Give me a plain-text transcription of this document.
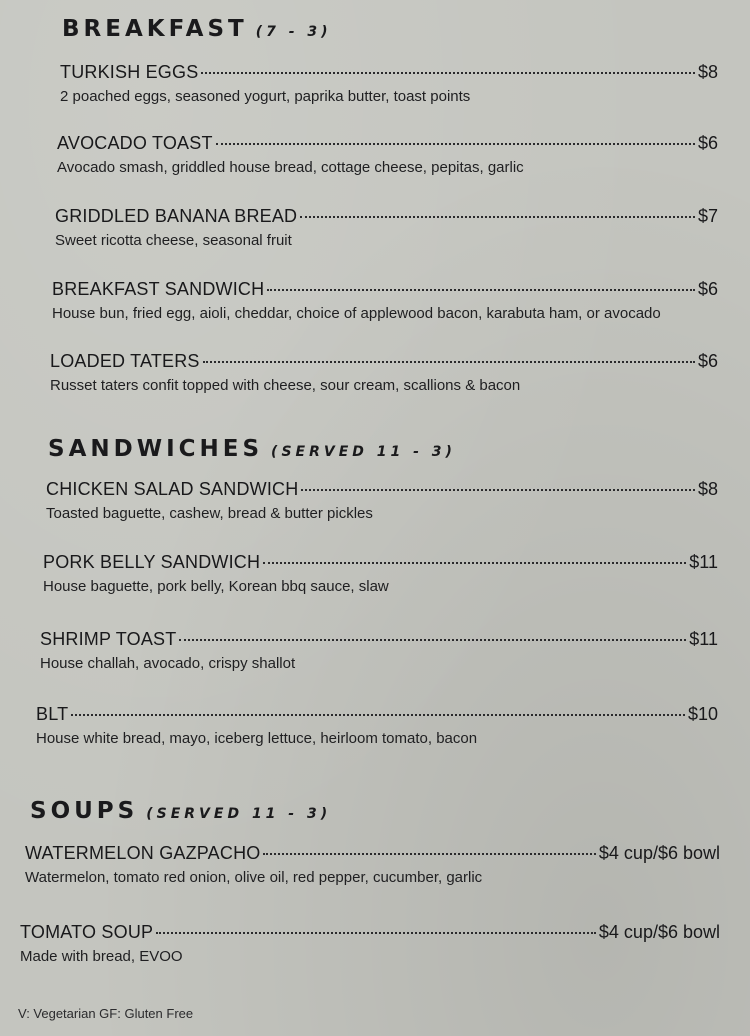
BREAKFAST (7 - 3)
TURKISH EGGS	$8
2 poached eggs, seasoned yogurt, paprika butter, toast points
AVOCADO TOAST	$6
Avocado smash, griddled house bread, cottage cheese, pepitas, garlic
GRIDDLED BANANA BREAD	$7
Sweet ricotta cheese, seasonal fruit
BREAKFAST SANDWICH	$6
House bun, fried egg, aioli, cheddar, choice of applewood bacon, karabuta ham, or avocado
LOADED TATERS	$6
Russet taters confit topped with cheese, sour cream, scallions & bacon
SANDWICHES (SERVED 11 - 3)
CHICKEN SALAD SANDWICH	$8
Toasted baguette, cashew, bread & butter pickles
PORK BELLY SANDWICH	$11
House baguette, pork belly, Korean bbq sauce, slaw
SHRIMP TOAST	$11
House challah, avocado, crispy shallot
BLT	$10
House white bread, mayo, iceberg lettuce, heirloom tomato, bacon
SOUPS (SERVED 11 - 3)
WATERMELON GAZPACHO	$4 cup/$6 bowl
Watermelon, tomato red onion, olive oil, red pepper, cucumber, garlic
TOMATO SOUP	$4 cup/$6 bowl
Made with bread, EVOO
V: Vegetarian GF: Gluten Free
